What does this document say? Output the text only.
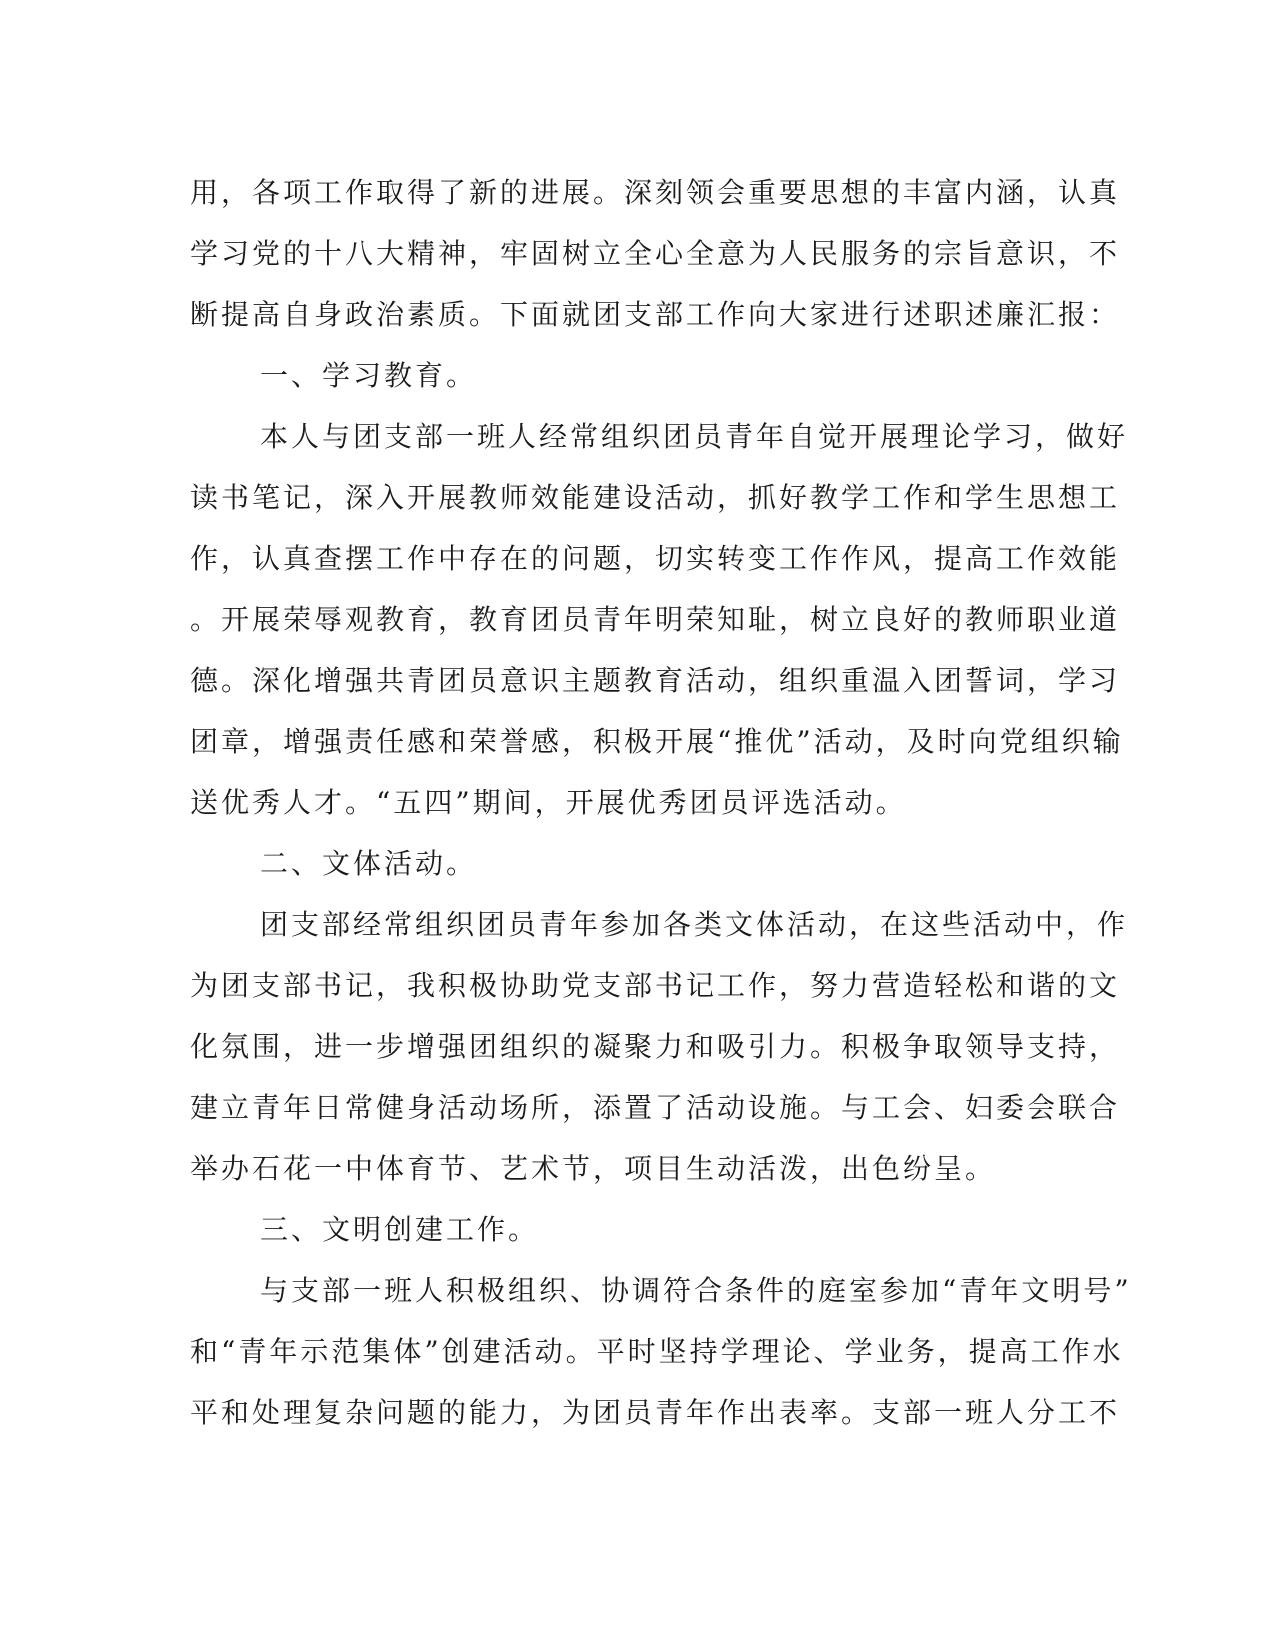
用，各项工作取得了新的进展。深刻领会重要思想的丰富内涵，认真
学习党的十八大精神，牢固树立全心全意为人民服务的宗旨意识，不
断提高自身政治素质。下面就团支部工作向大家进行述职述廉汇报：
一、学习教育。
本人与团支部一班人经常组织团员青年自觉开展理论学习，做好
读书笔记，深入开展教师效能建设活动，抓好教学工作和学生思想工
作，认真查摆工作中存在的问题，切实转变工作作风，提高工作效能
。开展荣辱观教育，教育团员青年明荣知耻，树立良好的教师职业道
德。深化增强共青团员意识主题教育活动，组织重温入团誓词，学习
团章，增强责任感和荣誉感，积极开展“推优”活动，及时向党组织输
送优秀人才。“五四”期间，开展优秀团员评选活动。
二、文体活动。
团支部经常组织团员青年参加各类文体活动，在这些活动中，作
为团支部书记，我积极协助党支部书记工作，努力营造轻松和谐的文
化氛围，进一步增强团组织的凝聚力和吸引力。积极争取领导支持，
建立青年日常健身活动场所，添置了活动设施。与工会、妇委会联合
举办石花一中体育节、艺术节，项目生动活泼，出色纷呈。
三、文明创建工作。
与支部一班人积极组织、协调符合条件的庭室参加“青年文明号”
和“青年示范集体”创建活动。平时坚持学理论、学业务，提高工作水
平和处理复杂问题的能力，为团员青年作出表率。支部一班人分工不
